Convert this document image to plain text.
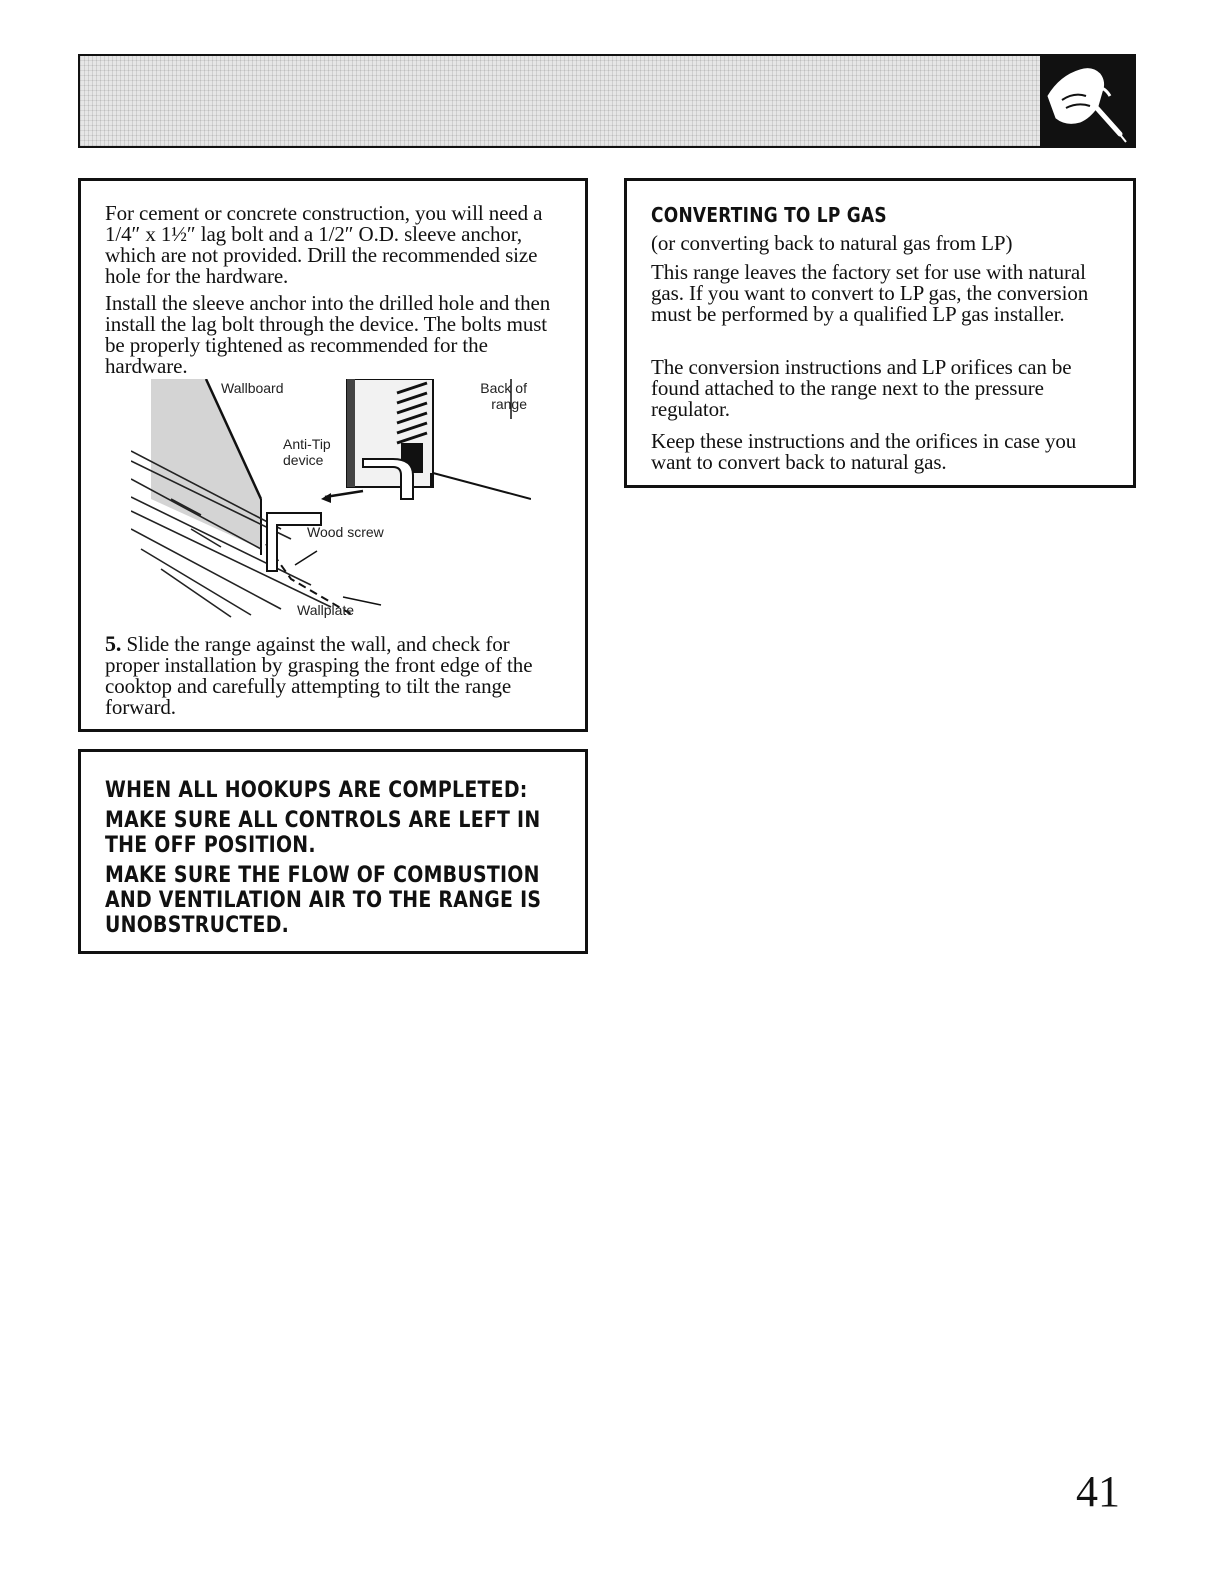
For cement or concrete construction, you will need a 1/4″ x 1½″ lag bolt and a 1/2″ O.D. sleeve anchor, which are not provided. Drill the recommended size hole for the hardware.

Install the sleeve anchor into the drilled hole and then install the lag bolt through the device. The bolts must be properly tightened as recommended for the hardware.

Wallboard	Back of
range
Anti-Tip
device
Wood screw
Wallplate

5. Slide the range against the wall, and check for proper installation by grasping the front edge of the cooktop and carefully attempting to tilt the range forward.

CONVERTING TO LP GAS

(or converting back to natural gas from LP)

This range leaves the factory set for use with natural gas. If you want to convert to LP gas, the conversion must be performed by a qualified LP gas installer.

The conversion instructions and LP orifices can be found attached to the range next to the pressure regulator.

Keep these instructions and the orifices in case you want to convert back to natural gas.

WHEN ALL HOOKUPS ARE COMPLETED:

MAKE SURE ALL CONTROLS ARE LEFT IN

THE OFF POSITION.

MAKE SURE THE FLOW OF COMBUSTION

AND VENTILATION AIR TO THE RANGE IS

UNOBSTRUCTED.

41
